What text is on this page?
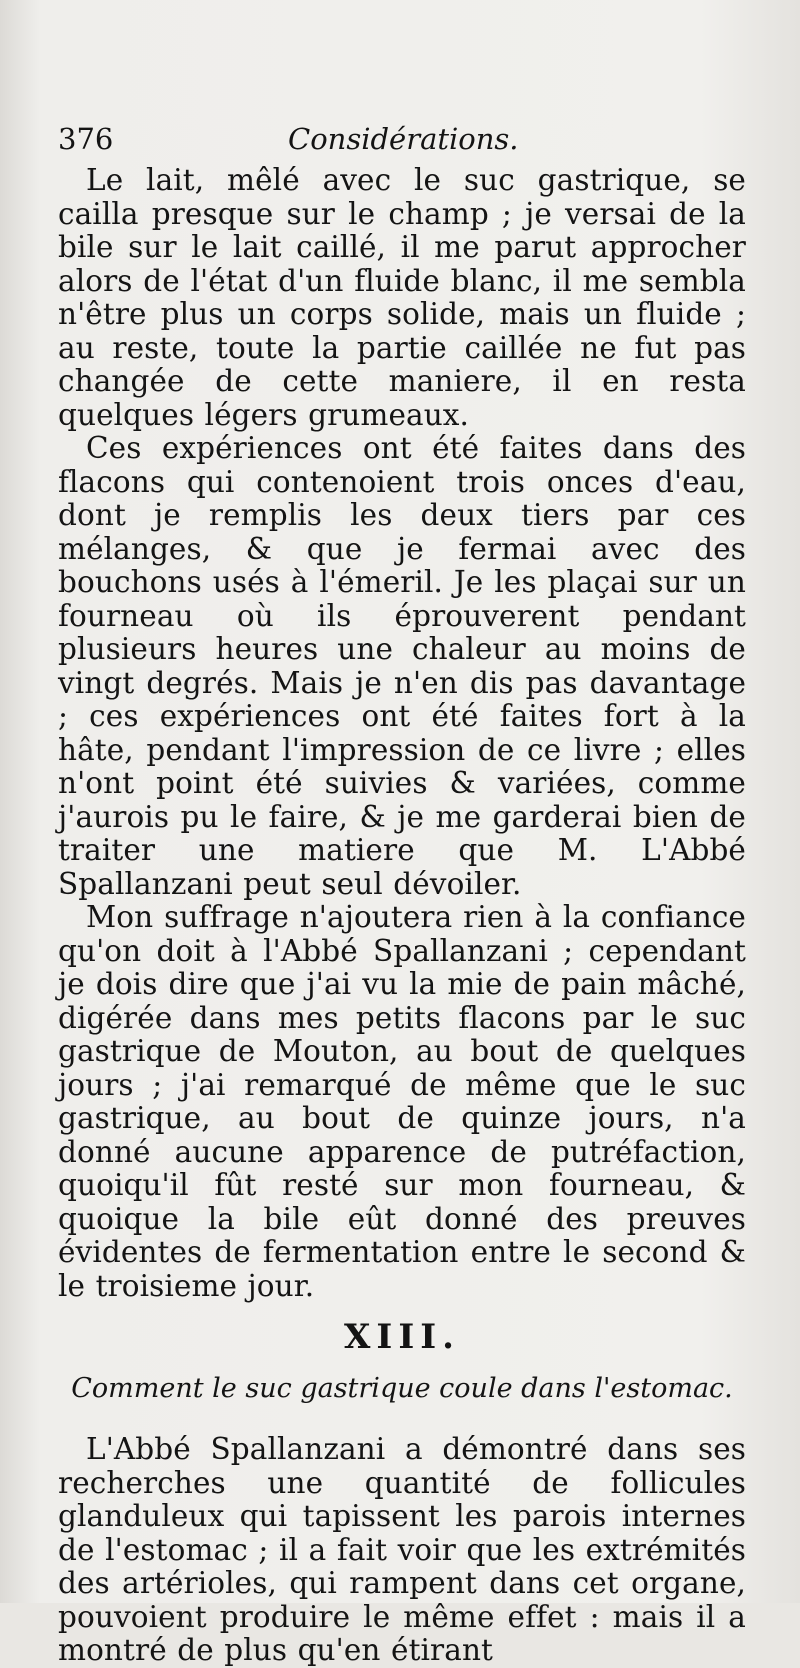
376	Considérations.

Le lait, mêlé avec le suc gastrique, se cailla presque sur le champ ; je versai de la bile sur le lait caillé, il me parut approcher alors de l'état d'un fluide blanc, il me sembla n'être plus un corps solide, mais un fluide ; au reste, toute la partie caillée ne fut pas changée de cette maniere, il en resta quelques légers grumeaux.

Ces expériences ont été faites dans des flacons qui contenoient trois onces d'eau, dont je remplis les deux tiers par ces mélanges, & que je fermai avec des bouchons usés à l'émeril. Je les plaçai sur un fourneau où ils éprouverent pendant plusieurs heures une chaleur au moins de vingt degrés. Mais je n'en dis pas davantage ; ces expériences ont été faites fort à la hâte, pendant l'impression de ce livre ; elles n'ont point été suivies & variées, comme j'aurois pu le faire, & je me garderai bien de traiter une matiere que M. L'Abbé Spallanzani peut seul dévoiler.

Mon suffrage n'ajoutera rien à la confiance qu'on doit à l'Abbé Spallanzani ; cependant je dois dire que j'ai vu la mie de pain mâché, digérée dans mes petits flacons par le suc gastrique de Mouton, au bout de quelques jours ; j'ai remarqué de même que le suc gastrique, au bout de quinze jours, n'a donné aucune apparence de putréfaction, quoiqu'il fût resté sur mon fourneau, & quoique la bile eût donné des preuves évidentes de fermentation entre le second & le troisieme jour.

XIII.
Comment le suc gastrique coule dans l'estomac.

L'Abbé Spallanzani a démontré dans ses recherches une quantité de follicules glanduleux qui tapissent les parois internes de l'estomac ; il a fait voir que les extrémités des artérioles, qui rampent dans cet organe, pouvoient produire le même effet : mais il a montré de plus qu'en étirant
